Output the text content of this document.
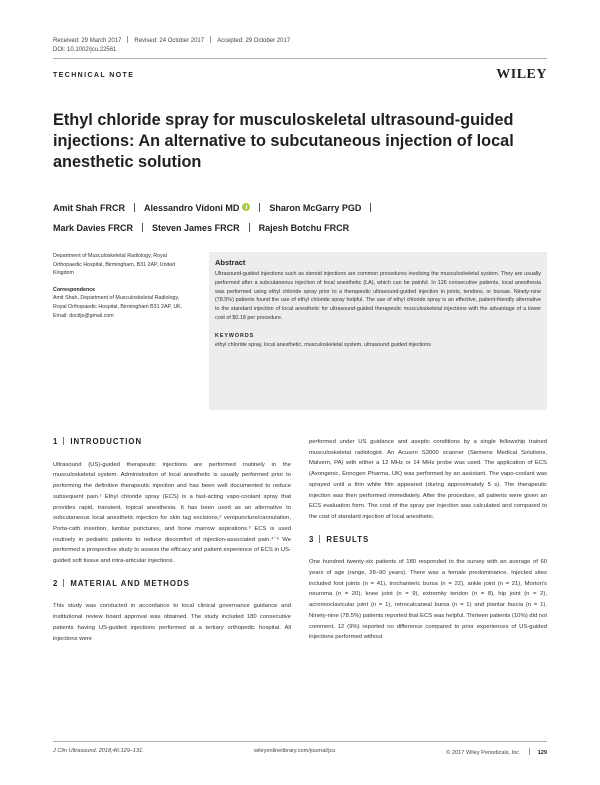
Received: 29 March 2017 Revised: 24 October 2017 Accepted: 29 October 2017
DOI: 10.1002/jcu.22561
TECHNICAL NOTE	WILEY
Ethyl chloride spray for musculoskeletal ultrasound-guided injections: An alternative to subcutaneous injection of local anesthetic solution
Amit Shah FRCR Alessandro Vidoni MD	Sharon McGarry PGD
Mark Davies FRCR Steven James FRCR Rajesh Botchu FRCR
Department of Musculoskeletal Radiology, Royal Orthopaedic Hospital, Birmingham, B31 2AP, United Kingdom
Correspondence
Amit Shah, Department of Musculoskeletal Radiology, Royal Orthopaedic Hospital, Birmingham B31 2AP, UK.
Email: doctijs@gmail.com
Abstract
Ultrasound-guided injections such as steroid injections are common procedures involving the musculoskeletal system. They are usually performed after a subcutaneous injection of local anesthetic (LA), which can be painful. In 126 consecutive patients, local anesthesia was performed using ethyl chloride spray prior to a therapeutic ultrasound-guided injection in joints, tendons, or bursae. Ninety-nine (78.5%) patients found the use of ethyl chloride spray helpful. The use of ethyl chloride spray is an effective, patient-friendly alternative to the standard injection of local anesthetic for ultrasound-guided therapeutic musculoskeletal injections with the advantage of a lower cost of $0.18 per procedure.
KEYWORDS
ethyl chloride spray, local anesthetic, musculoskeletal system, ultrasound guided injections
1 INTRODUCTION

Ultrasound (US)-guided therapeutic injections are performed routinely in the musculoskeletal system. Administration of local anesthetic is usually performed prior to performing the definitive therapeutic injection and has been well documented to reduce subsequent pain.¹ Ethyl chloride spray (ECS) is a fast-acting vapo-coolant spray that provides rapid, transient, topical anesthesia. It has been used as an alternative to subcutaneous local anesthetic injection for skin tag excisions,² venipuncture/cannulation, Porta-cath insertion, lumbar punctures, and bone marrow aspirations.³ ECS is used routinely in pediatric patients to reduce discomfort of injection-associated pain.⁴⁻⁶ We performed a prospective study to assess the efficacy and patient experience of ECS in US-guided soft tissue and intra-articular injections.

2 MATERIAL AND METHODS

This study was conducted in accordance to local clinical governance guidance and institutional review board approval was obtained. The study included 180 consecutive patients having US-guided injections performed at a tertiary orthopedic hospital. All injections were

performed under US guidance and aseptic conditions by a single fellowship trained musculoskeletal radiologist. An Acuson S3000 scanner (Siemens Medical Solutions, Malvern, PA) with either a 12 MHz or 14 MHz probe was used. The application of ECS (Axongenic, Ennogen Pharma, UK) was performed by an assistant. The vapo-coolant was sprayed until a thin white film appeared (during approximately 5 s). The therapeutic injection was then performed immediately. After the procedure, all patients were given an ECS evaluation form. The cost of the spray per injection was calculated and compared to the cost of standard injection of local anesthetic.

3 RESULTS

One hundred twenty-six patients of 180 responded to the survey with an average of 60 years of age (range, 28–90 years). There was a female predominance. Injected sites included foot joints (n = 41), trochanteric bursa (n = 22), ankle joint (n = 21), Morton's neuroma (n = 20), knee joint (n = 9), extremity tendon (n = 8), hip joint (n = 2), acromioclavicular joint (n = 1), retrocalcaneal bursa (n = 1) and plantar fascia (n = 1). Ninety-nine (78.5%) patients reported that ECS was helpful. Thirteen patients (10%) did not comment, 12 (9%) reported no difference compared to prior experiences of US-guided injections performed without

J Clin Ultrasound. 2018;46:129–131.	wileyonlinelibrary.com/journal/jcu	© 2017 Wiley Periodicals, Inc.	129
